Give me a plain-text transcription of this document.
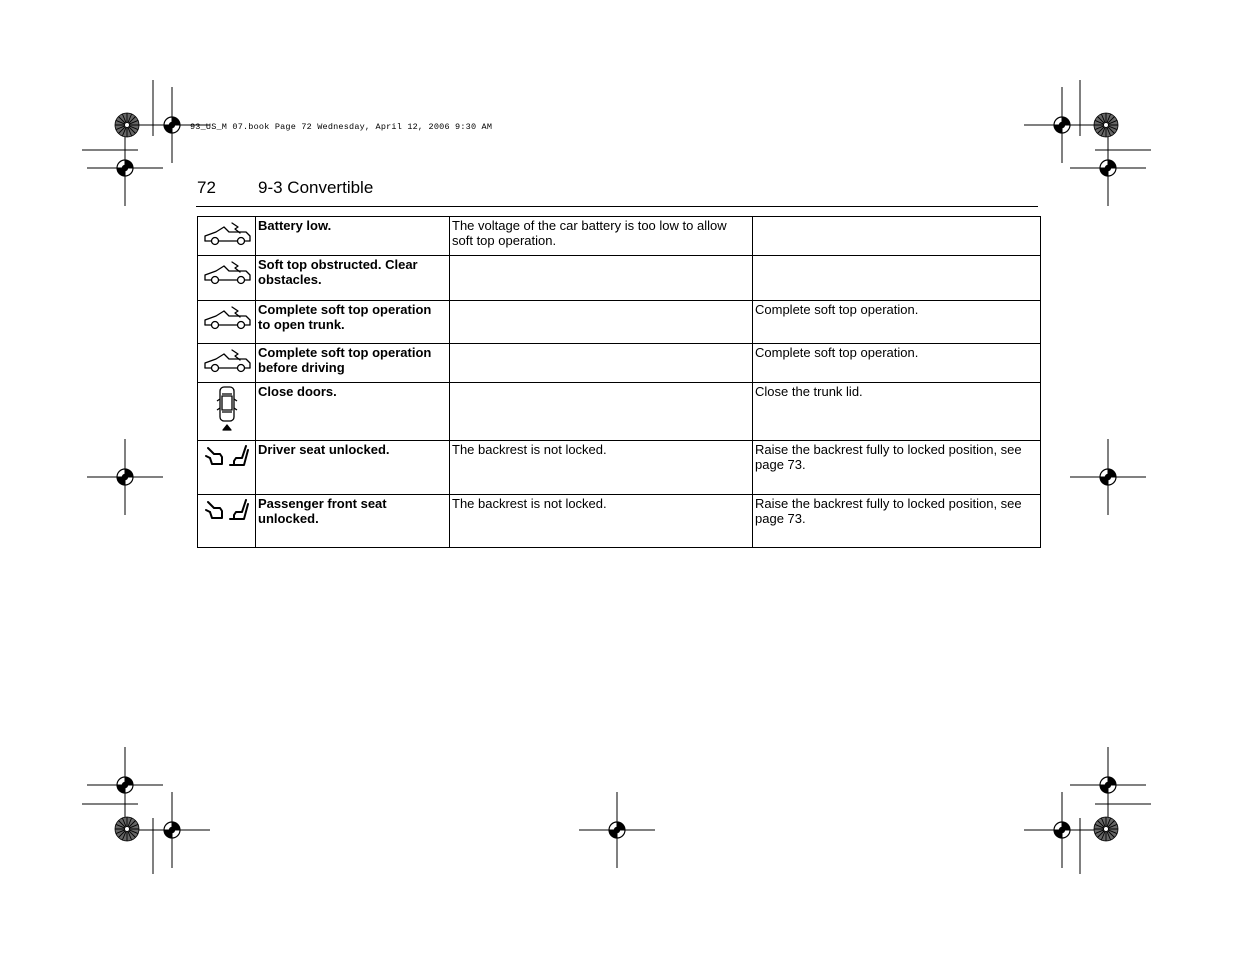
93_US_M 07.book Page 72 Wednesday, April 12, 2006 9:30 AM
72 9-3 Convertible
	Battery low.	The voltage of the car battery is too low to allow soft top operation.	

	Soft top obstructed. Clear obstacles.		

	Complete soft top operation to open trunk.		Complete soft top operation.

	Complete soft top operation before driving		Complete soft top operation.

	Close doors.		Close the trunk lid.

	Driver seat unlocked.	The backrest is not locked.	Raise the backrest fully to locked position, see page 73.

	Passenger front seat unlocked.	The backrest is not locked.	Raise the backrest fully to locked position, see page 73.
